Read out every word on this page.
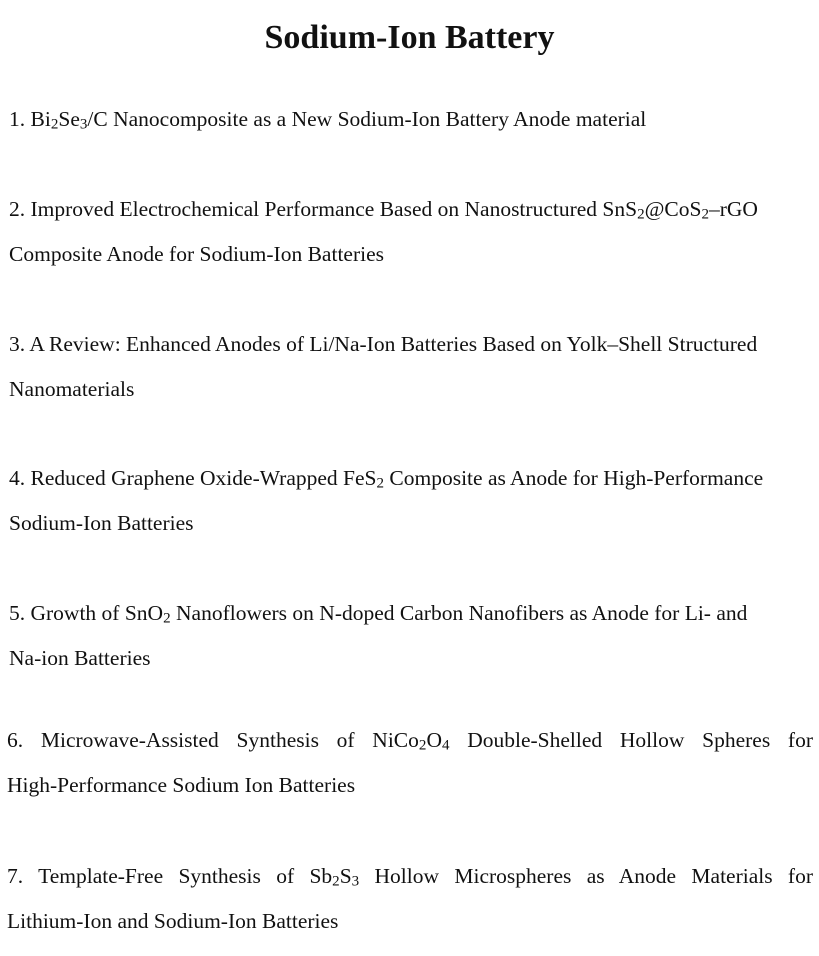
Sodium-Ion Battery
1. $Bi_2Se_3/C$ Nanocomposite as a New Sodium-Ion Battery Anode material
2. Improved Electrochemical Performance Based on Nanostructured SnS$_2$@CoS$_2$–rGO
Composite Anode for Sodium-Ion Batteries
3. A Review: Enhanced Anodes of Li/Na-Ion Batteries Based on Yolk–Shell Structured
Nanomaterials
4. Reduced Graphene Oxide-Wrapped FeS$_2$ Composite as Anode for High-Performance
Sodium-Ion Batteries
5. Growth of SnO$_2$ Nanoflowers on N-doped Carbon Nanofibers as Anode for Li- and
Na-ion Batteries
6. Microwave-Assisted Synthesis of $NiCo_2O_4$ Double-Shelled Hollow Spheres for
High-Performance Sodium Ion Batteries
7. Template-Free Synthesis of $Sb_2S_3$ Hollow Microspheres as Anode Materials for
Lithium-Ion and Sodium-Ion Batteries
